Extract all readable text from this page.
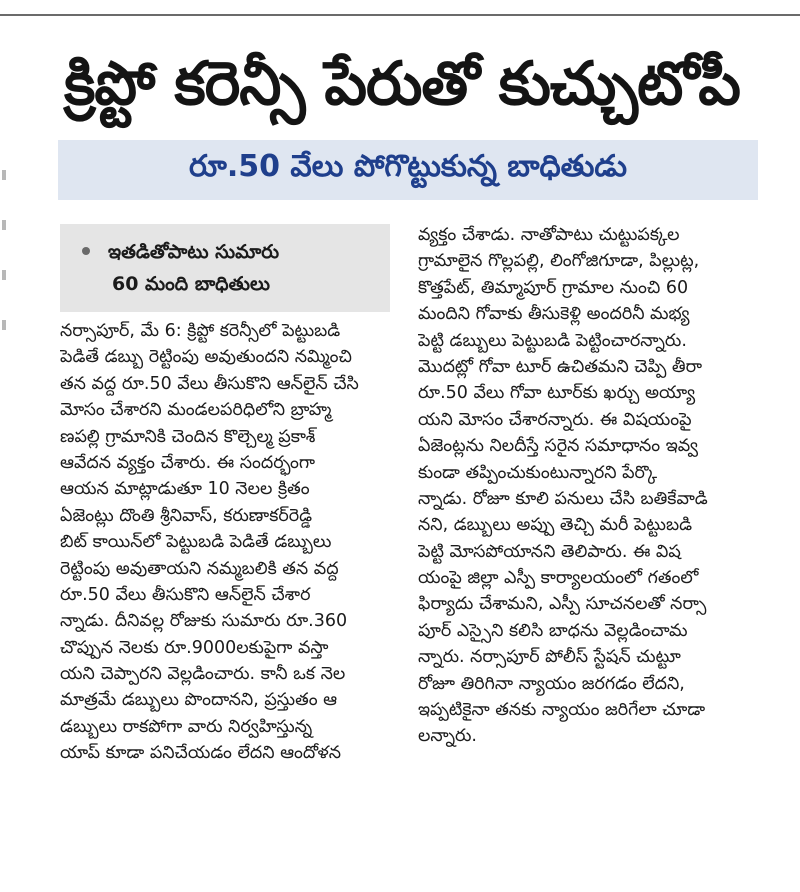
క్రిప్టో కరెన్సీ పేరుతో కుచ్చుటోపీ
రూ.50 వేలు పోగొట్టుకున్న బాధితుడు
ఇతడితోపాటు సుమారు
60 మంది బాధితులు
నర్సాపూర్, మే 6: క్రిప్టో కరెన్సీలో పెట్టుబడి
పెడితే డబ్బు రెట్టింపు అవుతుందని నమ్మించి
తన వద్ద రూ.50 వేలు తీసుకొని ఆన్‌లైన్ చేసి
మోసం చేశారని మండలపరిధిలోని బ్రాహ్మ
ణపల్లి గ్రామానికి చెందిన కొల్చెల్మ ప్రకాశ్
ఆవేదన వ్యక్తం చేశారు. ఈ సందర్భంగా
ఆయన మాట్లాడుతూ 10 నెలల క్రితం
ఏజెంట్లు దొంతి శ్రీనివాస్, కరుణాకర్‌రెడ్డి
బిట్ కాయిన్‌లో పెట్టుబడి పెడితే డబ్బులు
రెట్టింపు అవుతాయని నమ్మబలికి తన వద్ద
రూ.50 వేలు తీసుకొని ఆన్‌లైన్ చేశార
న్నాడు. దీనివల్ల రోజుకు సుమారు రూ.360
చొప్పున నెలకు రూ.9000లకుపైగా వస్తా
యని చెప్పారని వెల్లడించారు. కానీ ఒక నెల
మాత్రమే డబ్బులు పొందానని, ప్రస్తుతం ఆ
డబ్బులు రాకపోగా వారు నిర్వహిస్తున్న
యాప్ కూడా పనిచేయడం లేదని ఆందోళన
వ్యక్తం చేశాడు. నాతోపాటు చుట్టుపక్కల
గ్రామాలైన గొల్లపల్లి, లింగోజిగూడా, పిల్లుట్ల,
కొత్తపేట్, తిమ్మాపూర్ గ్రామాల నుంచి 60
మందిని గోవాకు తీసుకెళ్లి అందరినీ మభ్య
పెట్టి డబ్బులు పెట్టుబడి పెట్టించారన్నారు.
మొదట్లో గోవా టూర్ ఉచితమని చెప్పి తీరా
రూ.50 వేలు గోవా టూర్‌కు ఖర్చు అయ్యా
యని మోసం చేశారన్నారు. ఈ విషయంపై
ఏజెంట్లను నిలదీస్తే సరైన సమాధానం ఇవ్వ
కుండా తప్పించుకుంటున్నారని పేర్కొ
న్నాడు. రోజూ కూలి పనులు చేసి బతికేవాడి
నని, డబ్బులు అప్పు తెచ్చి మరీ పెట్టుబడి
పెట్టి మోసపోయానని తెలిపారు. ఈ విష
యంపై జిల్లా ఎస్పీ కార్యాలయంలో గతంలో
ఫిర్యాదు చేశామని, ఎస్పీ సూచనలతో నర్సా
పూర్ ఎస్సైని కలిసి బాధను వెల్లడించామ
న్నారు. నర్సాపూర్ పోలీస్ స్టేషన్ చుట్టూ
రోజూ తిరిగినా న్యాయం జరగడం లేదని,
ఇప్పటికైనా తనకు న్యాయం జరిగేలా చూడా
లన్నారు.
